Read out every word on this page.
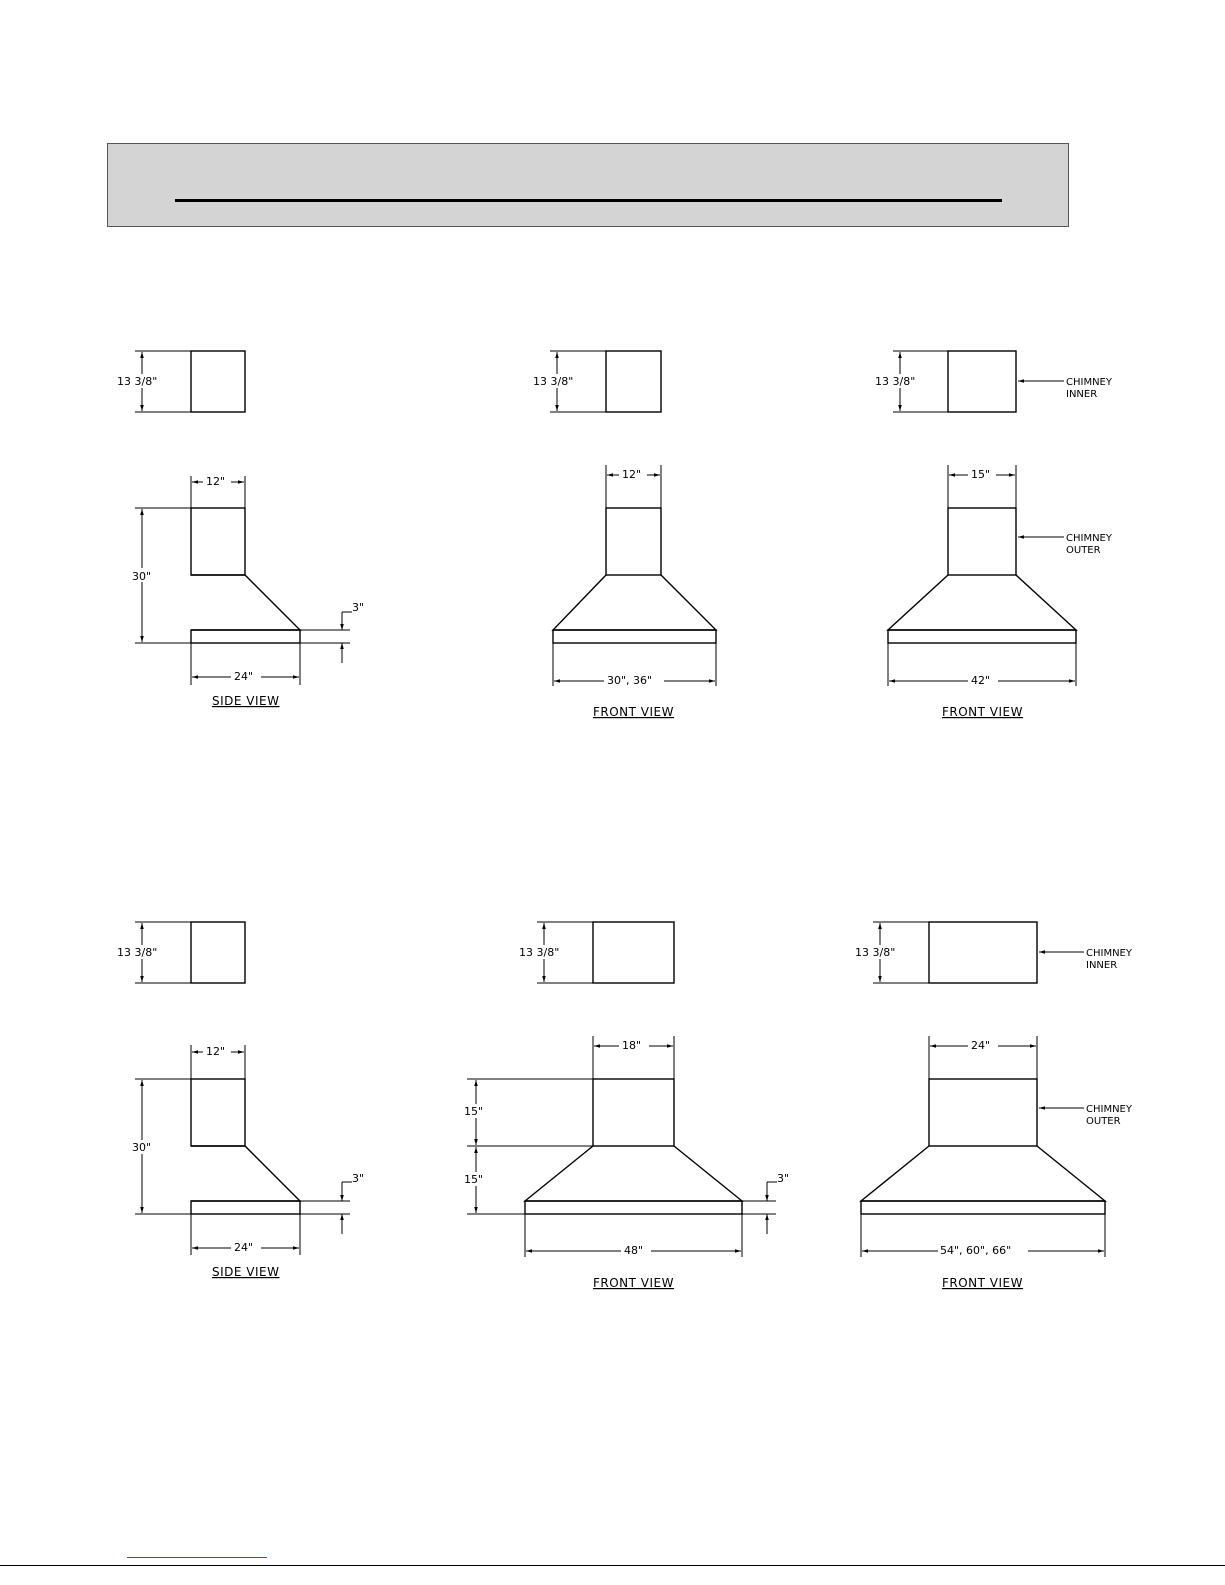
13 3/8"
12"
30"
3"
24"
SIDE VIEW
13 3/8"
12"
30", 36"
FRONT VIEW
13 3/8"	CHIMNEY
INNER
15"
CHIMNEY
OUTER
42"
FRONT VIEW
13 3/8"
12"
30"
3"
24"
SIDE VIEW
13 3/8"
18"
15"
15"	3"
48"
FRONT VIEW
13 3/8"	CHIMNEY
INNER
24"
CHIMNEY
OUTER
54", 60", 66"
FRONT VIEW
